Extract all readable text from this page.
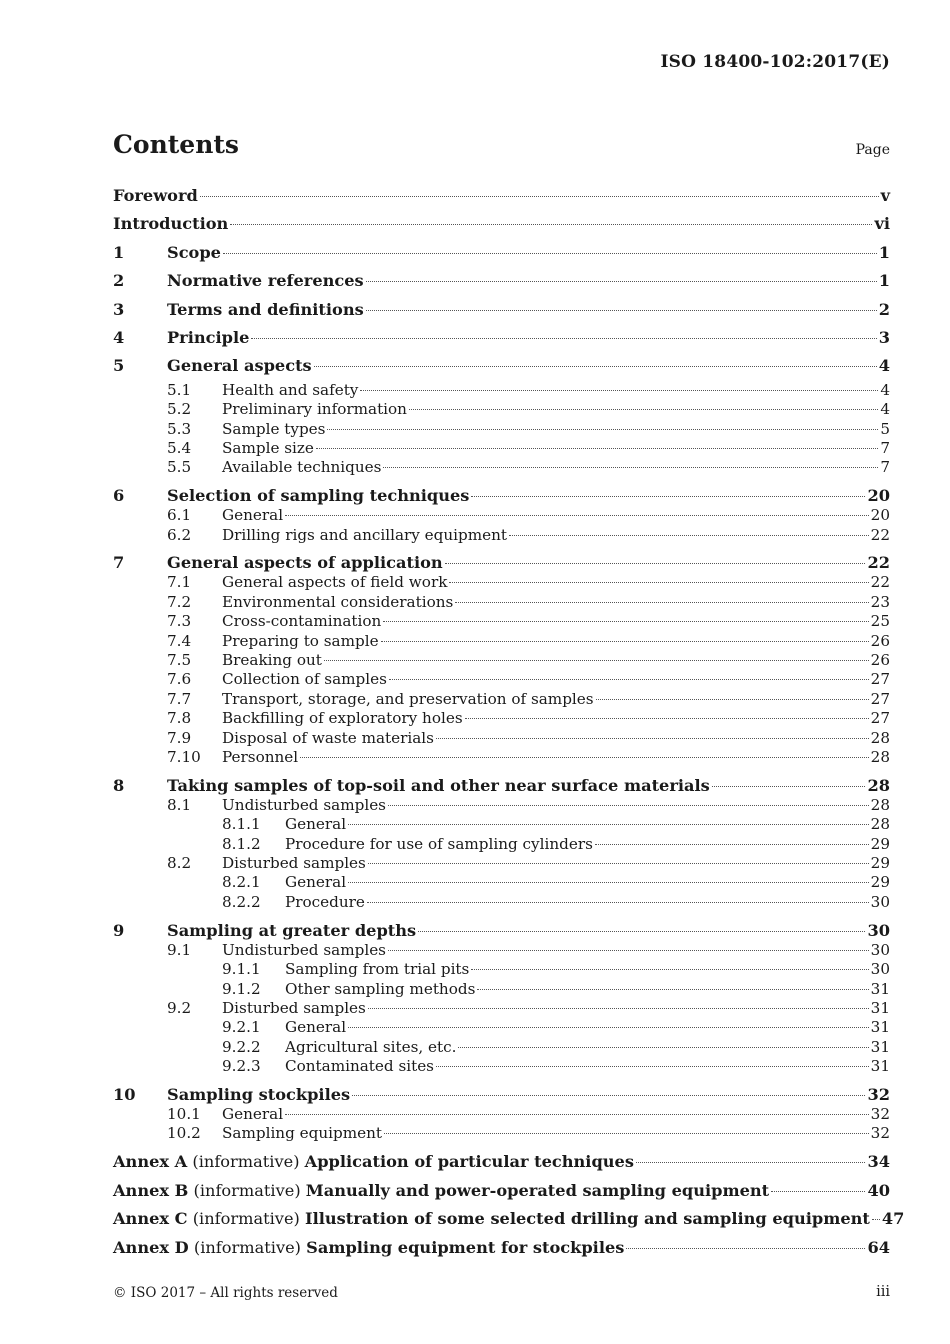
ISO 18400-102:2017(E)
Contents	Page
Foreword	v
Introduction	vi
1	Scope	1
2	Normative references	1
3	Terms and definitions	2
4	Principle	3
5	General aspects	4
5.1	Health and safety	4
5.2	Preliminary information	4
5.3	Sample types	5
5.4	Sample size	7
5.5	Available techniques	7
6	Selection of sampling techniques	20
6.1	General	20
6.2	Drilling rigs and ancillary equipment	22
7	General aspects of application	22
7.1	General aspects of field work	22
7.2	Environmental considerations	23
7.3	Cross-contamination	25
7.4	Preparing to sample	26
7.5	Breaking out	26
7.6	Collection of samples	27
7.7	Transport, storage, and preservation of samples	27
7.8	Backfilling of exploratory holes	27
7.9	Disposal of waste materials	28
7.10	Personnel	28
8	Taking samples of top-soil and other near surface materials	28
8.1	Undisturbed samples	28
8.1.1	General	28
8.1.2	Procedure for use of sampling cylinders	29
8.2	Disturbed samples	29
8.2.1	General	29
8.2.2	Procedure	30
9	Sampling at greater depths	30
9.1	Undisturbed samples	30
9.1.1	Sampling from trial pits	30
9.1.2	Other sampling methods	31
9.2	Disturbed samples	31
9.2.1	General	31
9.2.2	Agricultural sites, etc.	31
9.2.3	Contaminated sites	31
10	Sampling stockpiles	32
10.1	General	32
10.2	Sampling equipment	32
Annex A (informative) Application of particular techniques	34
Annex B (informative) Manually and power-operated sampling equipment	40
Annex C (informative) Illustration of some selected drilling and sampling equipment 47
Annex D (informative) Sampling equipment for stockpiles	64
© ISO 2017 – All rights reserved	iii
